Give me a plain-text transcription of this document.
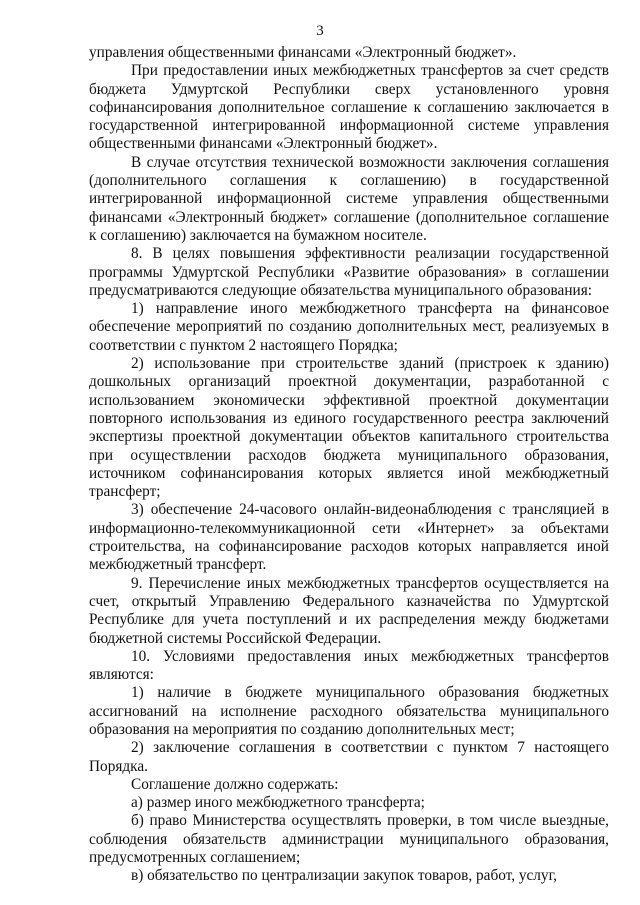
3

управления общественными финансами «Электронный бюджет».

При предоставлении иных межбюджетных трансфертов за счет средств бюджета Удмуртской Республики сверх установленного уровня софинансирования дополнительное соглашение к соглашению заключается в государственной интегрированной информационной системе управления общественными финансами «Электронный бюджет».

В случае отсутствия технической возможности заключения соглашения (дополнительного соглашения к соглашению) в государственной интегрированной информационной системе управления общественными финансами «Электронный бюджет» соглашение (дополнительное соглашение к соглашению) заключается на бумажном носителе.

8. В целях повышения эффективности реализации государственной программы Удмуртской Республики «Развитие образования» в соглашении предусматриваются следующие обязательства муниципального образования:

1) направление иного межбюджетного трансферта на финансовое обеспечение мероприятий по созданию дополнительных мест, реализуемых в соответствии с пунктом 2 настоящего Порядка;

2) использование при строительстве зданий (пристроек к зданию) дошкольных организаций проектной документации, разработанной с использованием экономически эффективной проектной документации повторного использования из единого государственного реестра заключений экспертизы проектной документации объектов капитального строительства при осуществлении расходов бюджета муниципального образования, источником софинансирования которых является иной межбюджетный трансферт;

3) обеспечение 24-часового онлайн-видеонаблюдения с трансляцией в информационно-телекоммуникационной сети «Интернет» за объектами строительства, на софинансирование расходов которых направляется иной межбюджетный трансферт.

9. Перечисление иных межбюджетных трансфертов осуществляется на счет, открытый Управлению Федерального казначейства по Удмуртской Республике для учета поступлений и их распределения между бюджетами бюджетной системы Российской Федерации.

10. Условиями предоставления иных межбюджетных трансфертов являются:

1) наличие в бюджете муниципального образования бюджетных ассигнований на исполнение расходного обязательства муниципального образования на мероприятия по созданию дополнительных мест;

2) заключение соглашения в соответствии с пунктом 7 настоящего Порядка.

Соглашение должно содержать:

а) размер иного межбюджетного трансферта;

б) право Министерства осуществлять проверки, в том числе выездные, соблюдения обязательств администрации муниципального образования, предусмотренных соглашением;

в) обязательство по централизации закупок товаров, работ, услуг,
